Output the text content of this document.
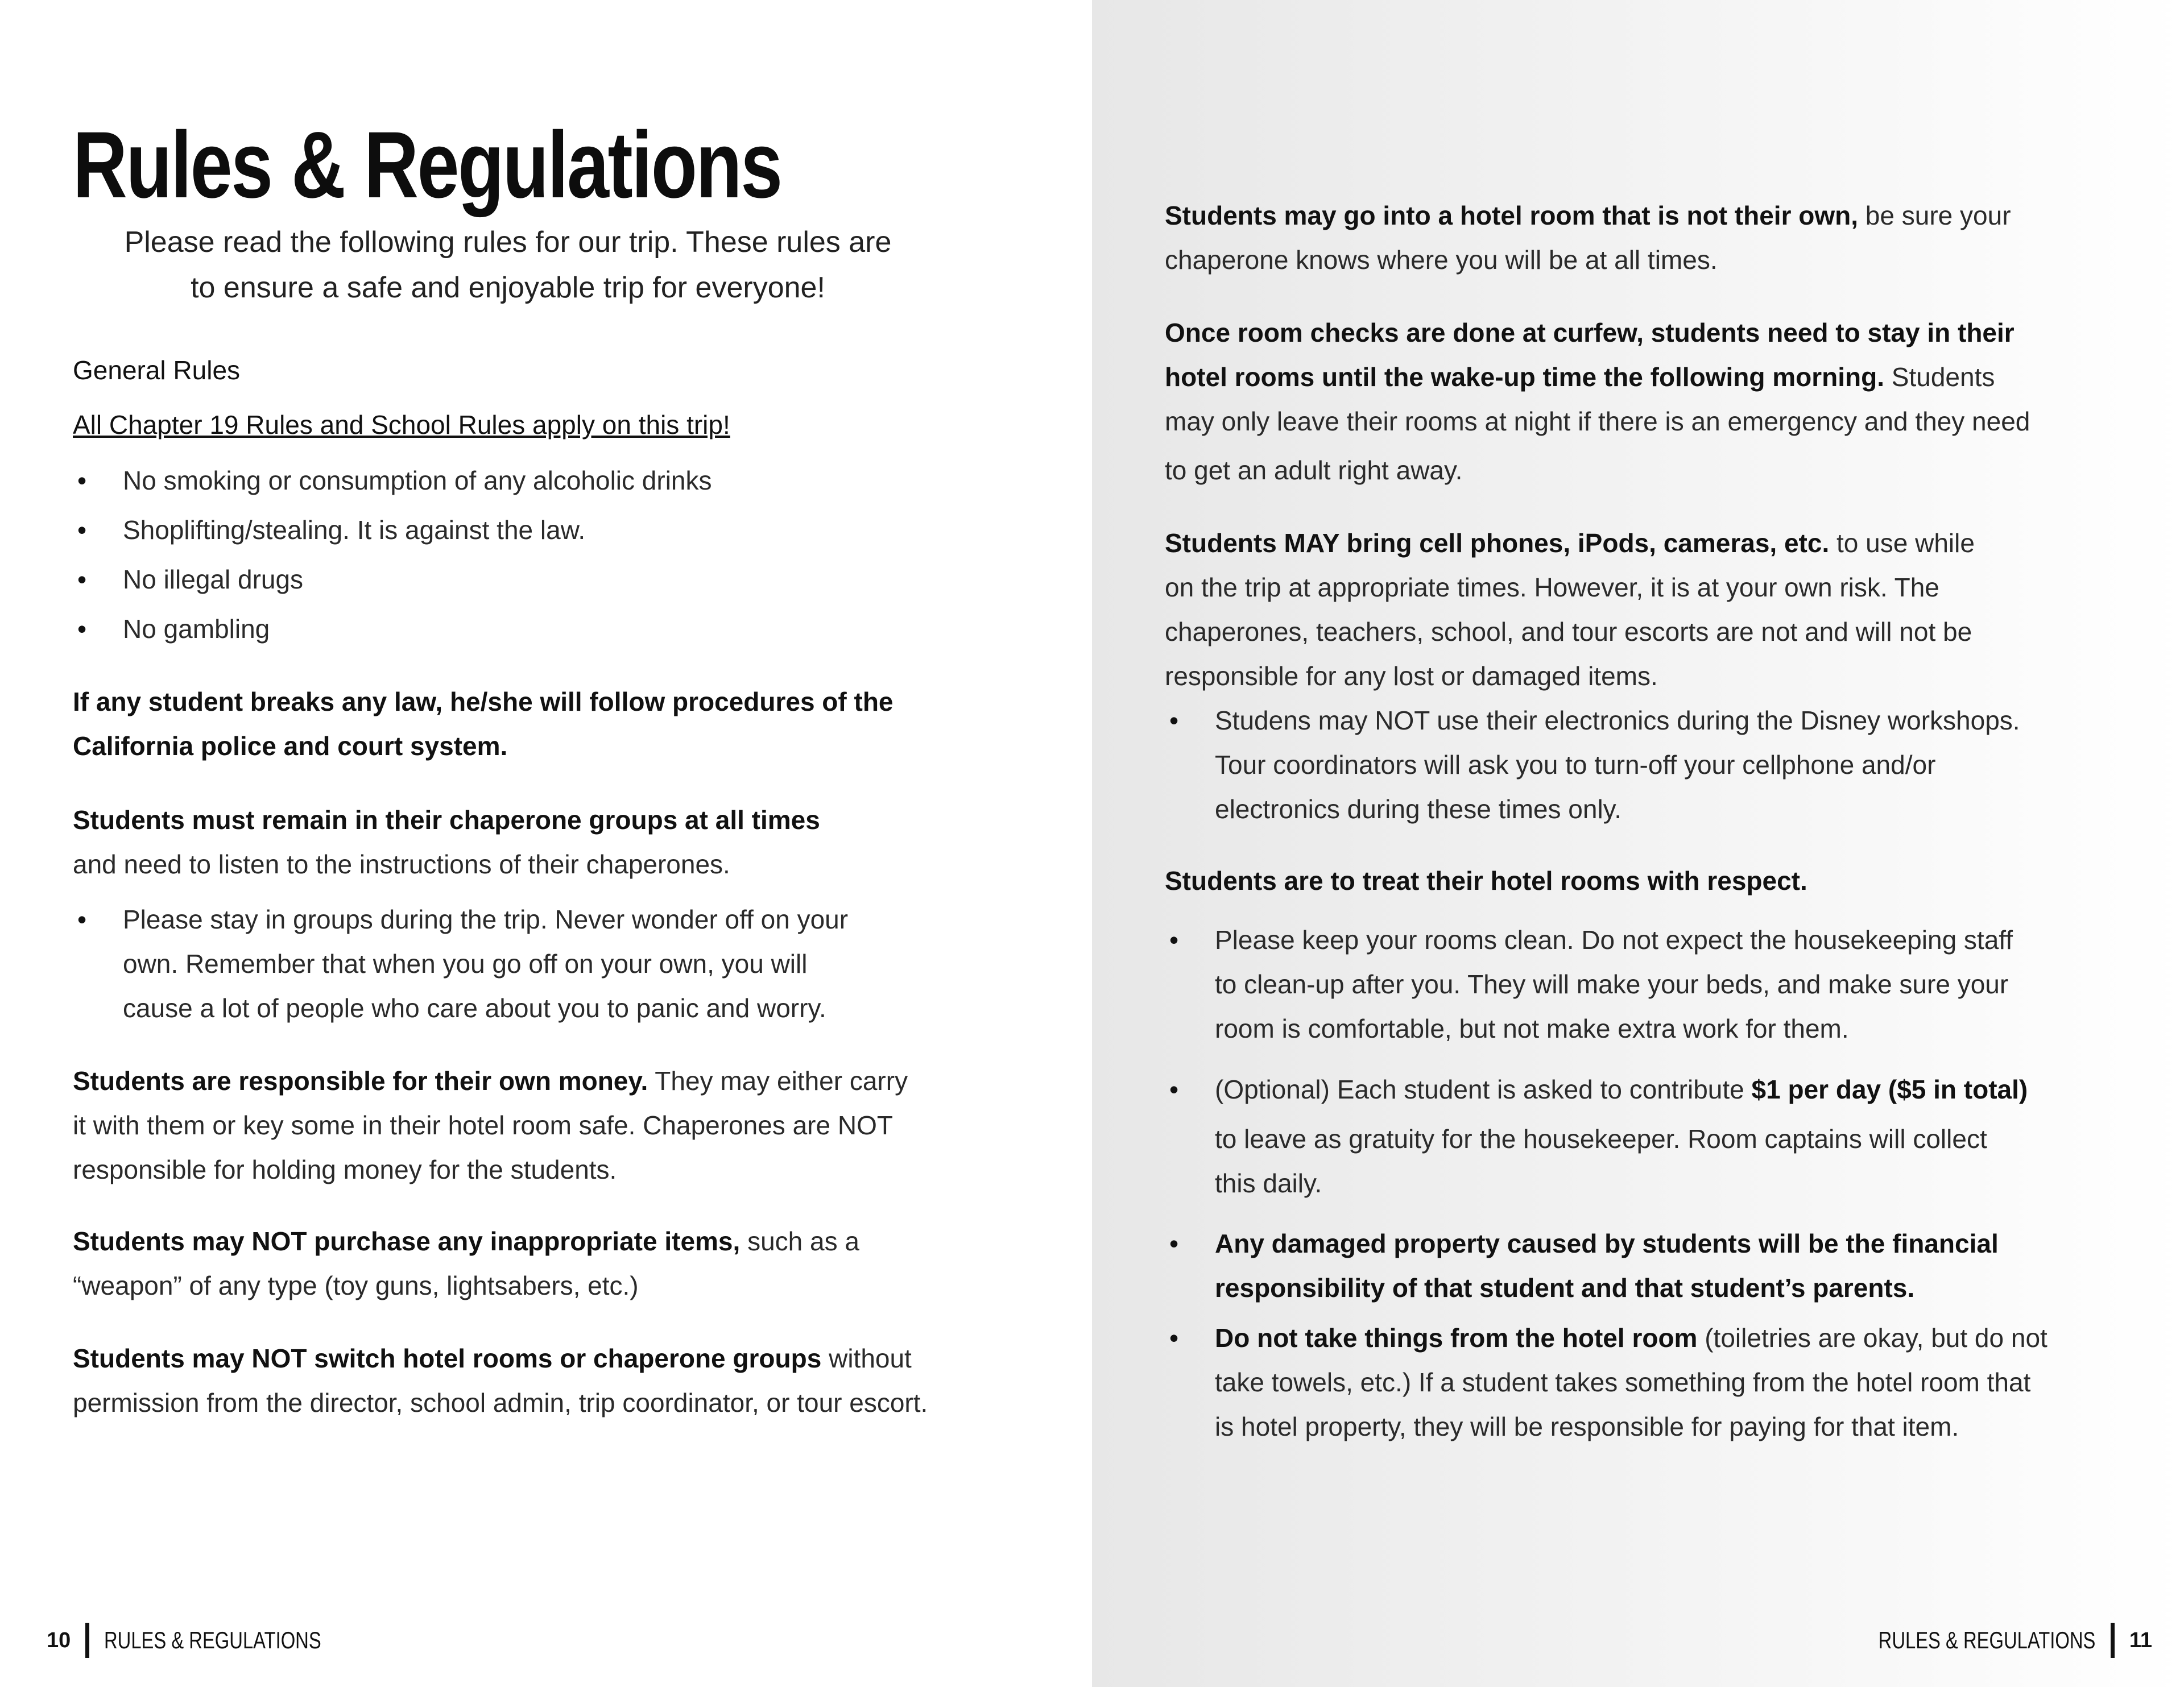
Rules & Regulations
Please read the following rules for our trip. These rules are
to ensure a safe and enjoyable trip for everyone!

General Rules

All Chapter 19 Rules and School Rules apply on this trip!

• No smoking or consumption of any alcoholic drinks
• Shoplifting/stealing. It is against the law.
• No illegal drugs
• No gambling

If any student breaks any law, he/she will follow procedures of the

California police and court system.

Students must remain in their chaperone groups at all times

and need to listen to the instructions of their chaperones.

• Please stay in groups during the trip. Never wonder off on your
own. Remember that when you go off on your own, you will
cause a lot of people who care about you to panic and worry.

Students are responsible for their own money. They may either carry

it with them or key some in their hotel room safe. Chaperones are NOT

responsible for holding money for the students.

Students may NOT purchase any inappropriate items, such as a

“weapon” of any type (toy guns, lightsabers, etc.)

Students may NOT switch hotel rooms or chaperone groups without

permission from the director, school admin, trip coordinator, or tour escort.

10 RULES & REGULATIONS

Students may go into a hotel room that is not their own, be sure your

chaperone knows where you will be at all times.

Once room checks are done at curfew, students need to stay in their

hotel rooms until the wake-up time the following morning. Students

may only leave their rooms at night if there is an emergency and they need

to get an adult right away.

Students MAY bring cell phones, iPods, cameras, etc. to use while

on the trip at appropriate times. However, it is at your own risk. The

chaperones, teachers, school, and tour escorts are not and will not be

responsible for any lost or damaged items.

• Studens may NOT use their electronics during the Disney workshops.
Tour coordinators will ask you to turn-off your cellphone and/or
electronics during these times only.

Students are to treat their hotel rooms with respect.

• Please keep your rooms clean. Do not expect the housekeeping staff
to clean-up after you. They will make your beds, and make sure your
room is comfortable, but not make extra work for them.
• (Optional) Each student is asked to contribute $1 per day ($5 in total)
to leave as gratuity for the housekeeper. Room captains will collect
this daily.
• Any damaged property caused by students will be the financial
responsibility of that student and that student’s parents.
• Do not take things from the hotel room (toiletries are okay, but do not
take towels, etc.) If a student takes something from the hotel room that
is hotel property, they will be responsible for paying for that item.
RULES & REGULATIONS 11
